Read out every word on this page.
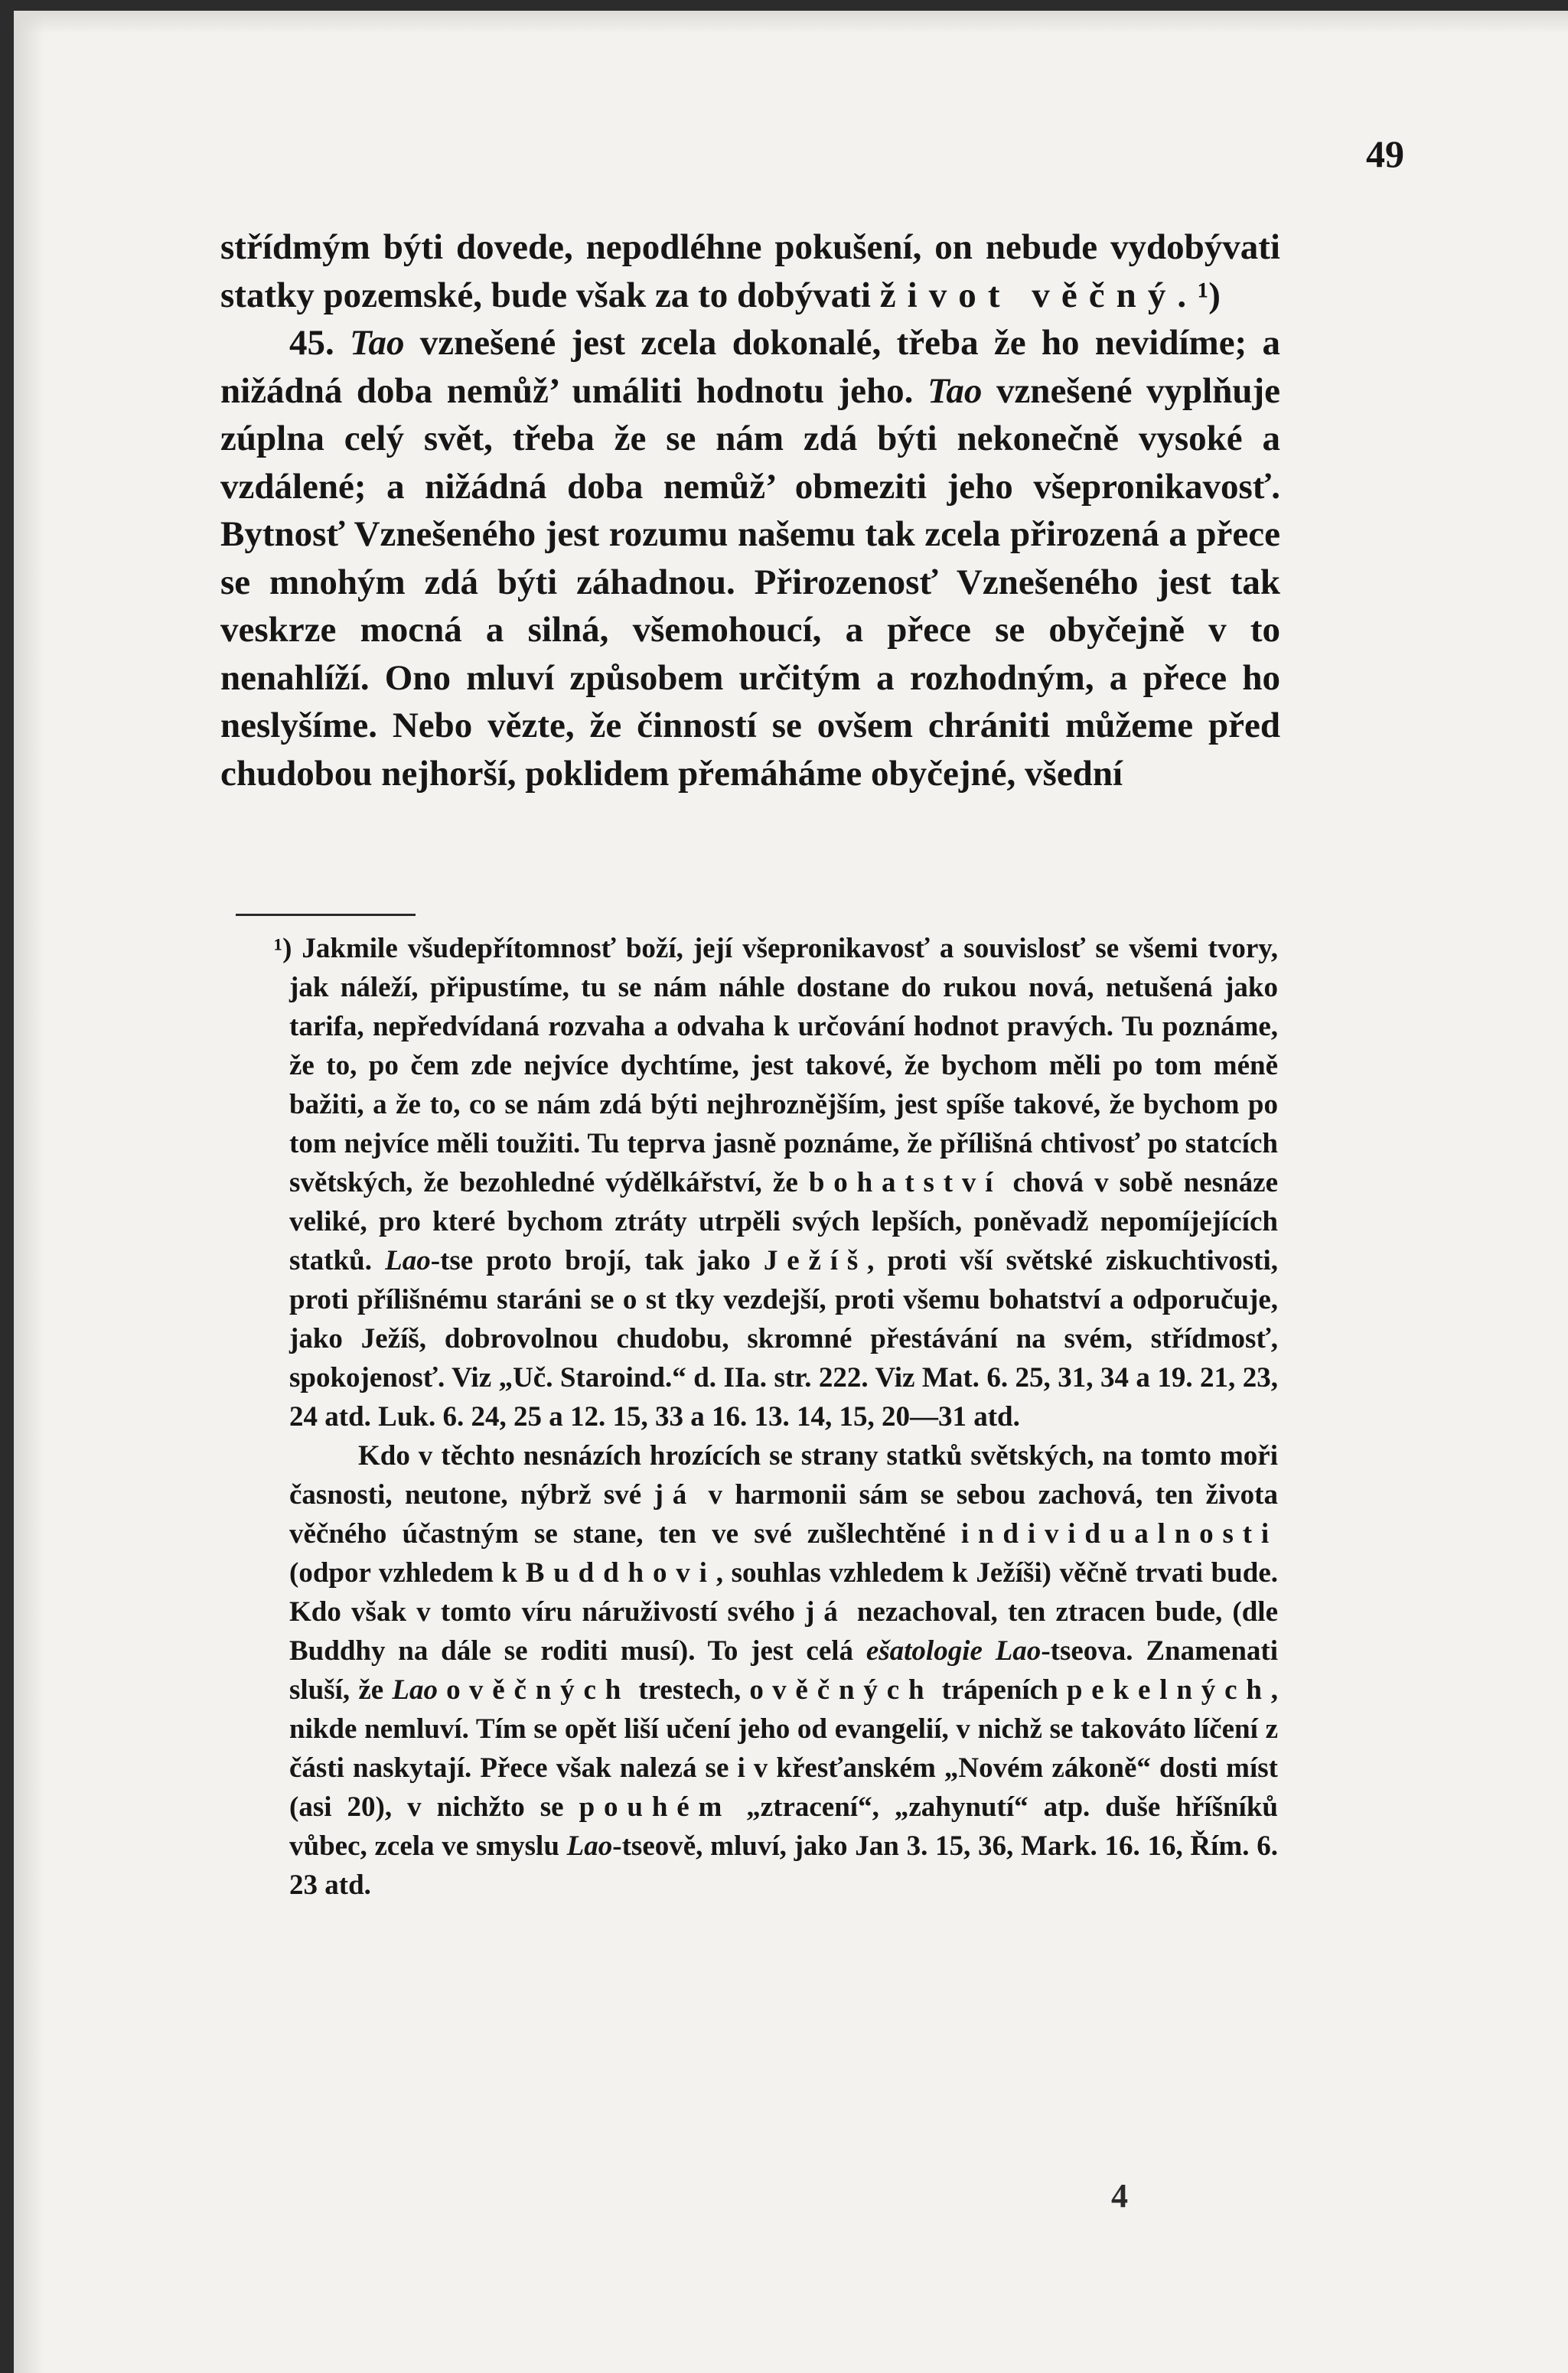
49

střídmým býti dovede, nepodléhne pokušení, on nebude vydobývati statky pozemské, bude však za to dobývati život věčný.¹)

45. Tao vznešené jest zcela dokonalé, třeba že ho nevidíme; a nižádná doba nemůž’ umáliti hodnotu jeho. Tao vznešené vyplňuje zúplna celý svět, třeba že se nám zdá býti nekonečně vysoké a vzdálené; a nižádná doba nemůž’ obmeziti jeho všepronikavosť. Bytnosť Vznešeného jest rozumu našemu tak zcela přirozená a přece se mnohým zdá býti záhadnou. Přirozenosť Vznešeného jest tak veskrze mocná a silná, všemohoucí, a přece se obyčejně v to nenahlíží. Ono mluví způsobem určitým a rozhodným, a přece ho neslyšíme. Nebo vězte, že činností se ovšem chrániti můžeme před chudobou nejhorší, poklidem přemáháme obyčejné, všední

¹) Jakmile všudepřítomnosť boží, její všepronikavosť a souvislosť se všemi tvory, jak náleží, připustíme, tu se nám náhle dostane do rukou nová, netušená jako tarifa, nepředvídaná rozvaha a odvaha k určování hodnot pravých. Tu poznáme, že to, po čem zde nejvíce dychtíme, jest takové, že bychom měli po tom méně bažiti, a že to, co se nám zdá býti nejhroznějším, jest spíše takové, že bychom po tom nejvíce měli toužiti. Tu teprva jasně poznáme, že přílišná chtivosť po statcích světských, že bezohledné výdělkářství, že bohatství chová v sobě nesnáze veliké, pro které bychom ztráty utrpěli svých lepších, poněvadž nepomíjejících statků. Lao-tse proto brojí, tak jako Ježíš, proti vší světské ziskuchtivosti, proti přílišnému staráni se o st tky vezdejší, proti všemu bohatství a odporučuje, jako Ježíš, dobrovolnou chudobu, skromné přestávání na svém, střídmosť, spokojenosť. Viz „Uč. Staroind.“ d. IIa. str. 222. Viz Mat. 6. 25, 31, 34 a 19. 21, 23, 24 atd. Luk. 6. 24, 25 a 12. 15, 33 a 16. 13. 14, 15, 20—31 atd.

Kdo v těchto nesnázích hrozících se strany statků světských, na tomto moři časnosti, neutone, nýbrž své já v harmonii sám se sebou zachová, ten života věčného účastným se stane, ten ve své zušlechtěné individualnosti (odpor vzhledem k Buddhovi, souhlas vzhledem k Ježíši) věčně trvati bude. Kdo však v tomto víru náruživostí svého já nezachoval, ten ztracen bude, (dle Buddhy na dále se roditi musí). To jest celá ešatologie Lao-tseova. Znamenati sluší, že Lao o věčných trestech, o věčných trápeních pekelných, nikde nemluví. Tím se opět liší učení jeho od evangelií, v nichž se takováto líčení z části naskytají. Přece však nalezá se i v křesťanském „Novém zákoně“ dosti míst (asi 20), v nichžto se pouhém „ztracení“, „zahynutí“ atp. duše hříšníků vůbec, zcela ve smyslu Lao-tseově, mluví, jako Jan 3. 15, 36, Mark. 16. 16, Řím. 6. 23 atd.

4
